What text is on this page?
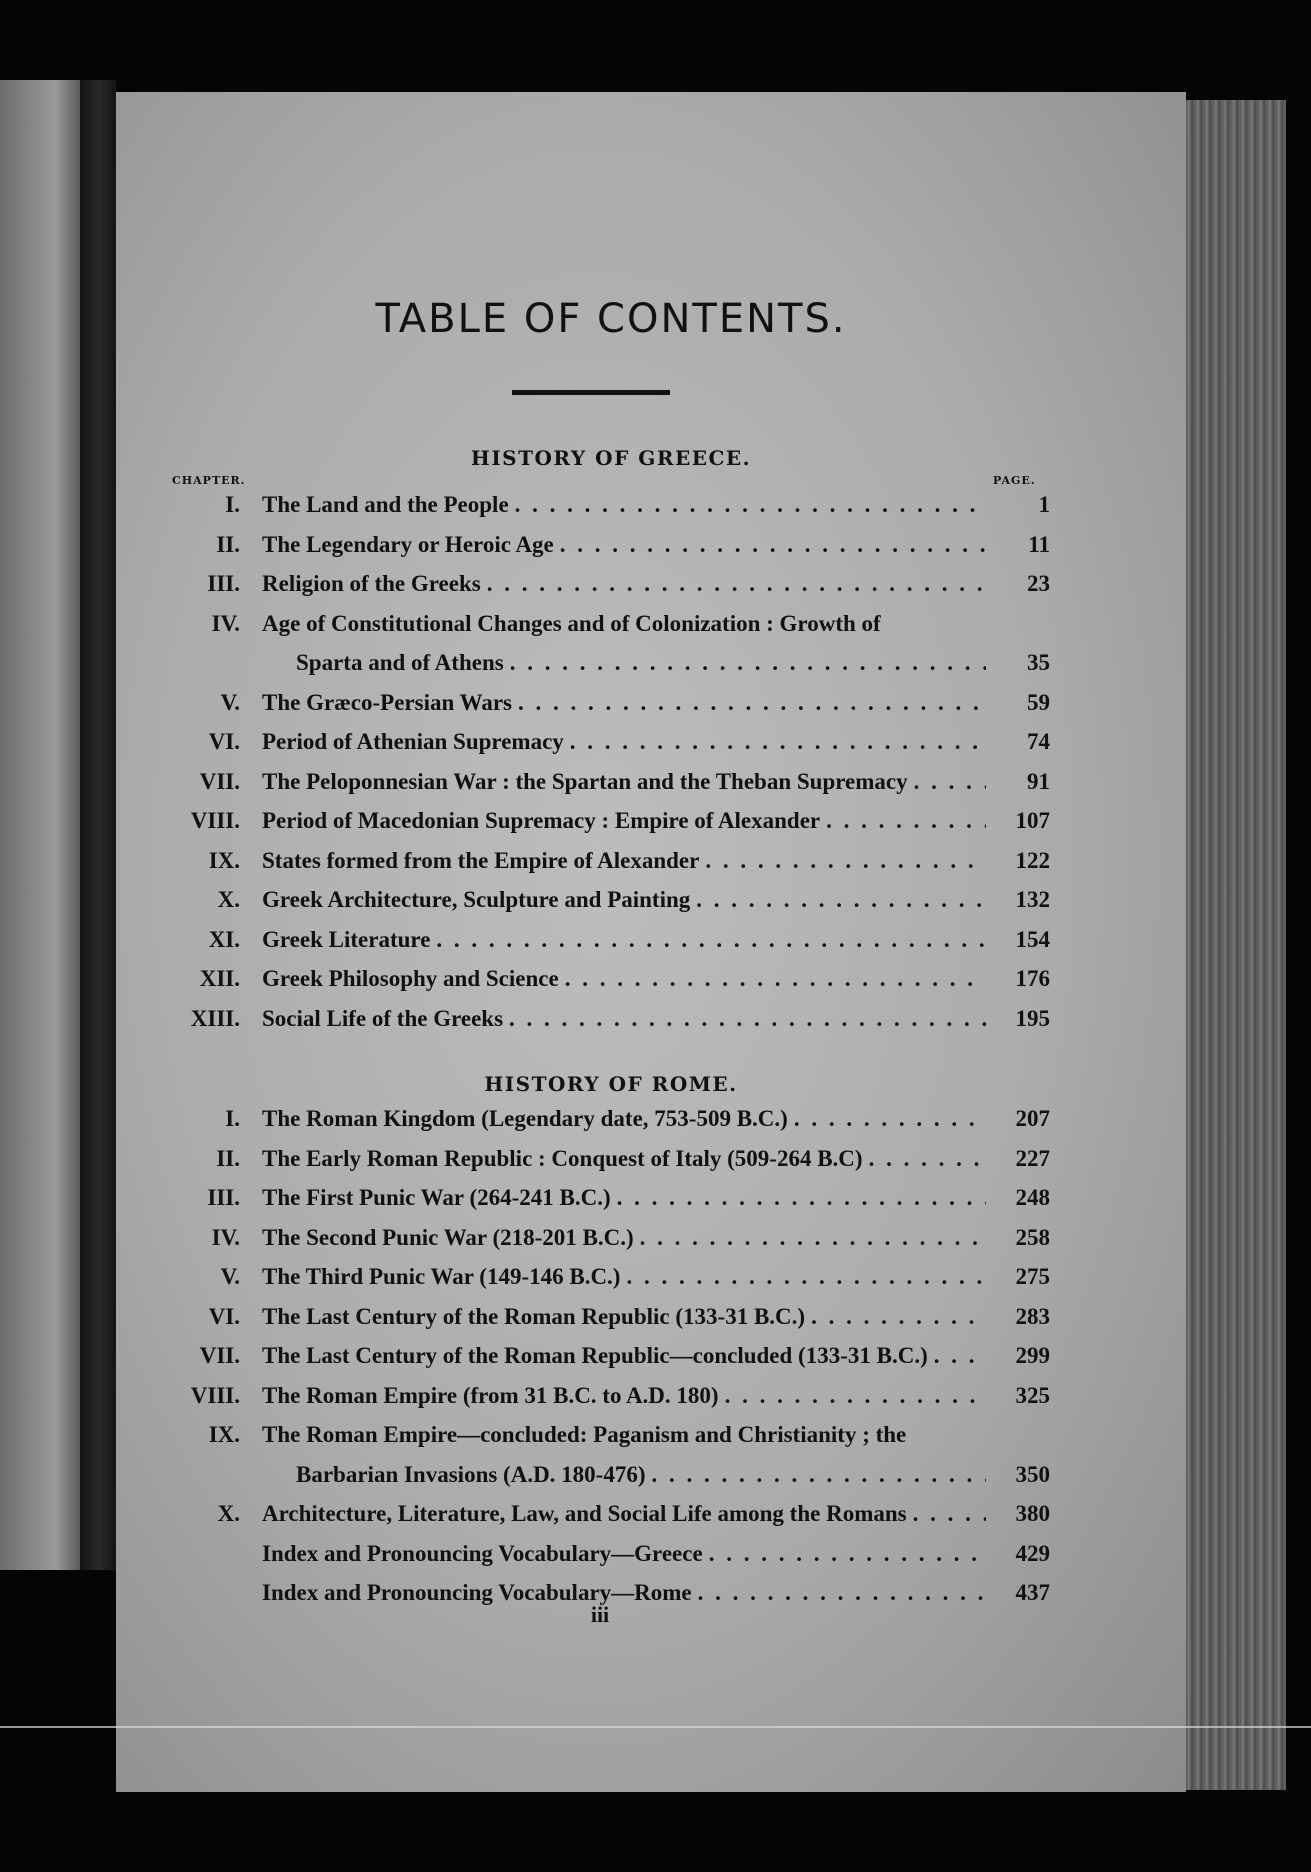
TABLE OF CONTENTS.
HISTORY OF GREECE.
CHAPTER.	PAGE.
I. The Land and the People . . .	1
II. The Legendary or Heroic Age . . .	11
III. Religion of the Greeks . . .	23
IV. Age of Constitutional Changes and of Colonization : Growth of
Sparta and of Athens . . .	35
V. The Græco-Persian Wars . . .	59
VI. Period of Athenian Supremacy . . .	74
VII. The Peloponnesian War : the Spartan and the Theban Supremacy . . .	91
VIII. Period of Macedonian Supremacy : Empire of Alexander . . .	107
IX. States formed from the Empire of Alexander . . .	122
X. Greek Architecture, Sculpture and Painting . . .	132
XI. Greek Literature . . .	154
XII. Greek Philosophy and Science . . .	176
XIII. Social Life of the Greeks . . .	195
HISTORY OF ROME.
I. The Roman Kingdom (Legendary date, 753-509 B.C.) . . .	207
II. The Early Roman Republic : Conquest of Italy (509-264 B.C) . . .	227
III. The First Punic War (264-241 B.C.) . . .	248
IV. The Second Punic War (218-201 B.C.) . . .	258
V. The Third Punic War (149-146 B.C.) . . .	275
VI. The Last Century of the Roman Republic (133-31 B.C.) . . .	283
VII. The Last Century of the Roman Republic—concluded (133-31 B.C.) . . .	299
VIII. The Roman Empire (from 31 B.C. to A.D. 180) . . .	325
IX. The Roman Empire—concluded: Paganism and Christianity ; the
Barbarian Invasions (A.D. 180-476) . . .	350
X. Architecture, Literature, Law, and Social Life among the Romans . . .	380
Index and Pronouncing Vocabulary—Greece . . .	429
Index and Pronouncing Vocabulary—Rome . . .	437
iii
